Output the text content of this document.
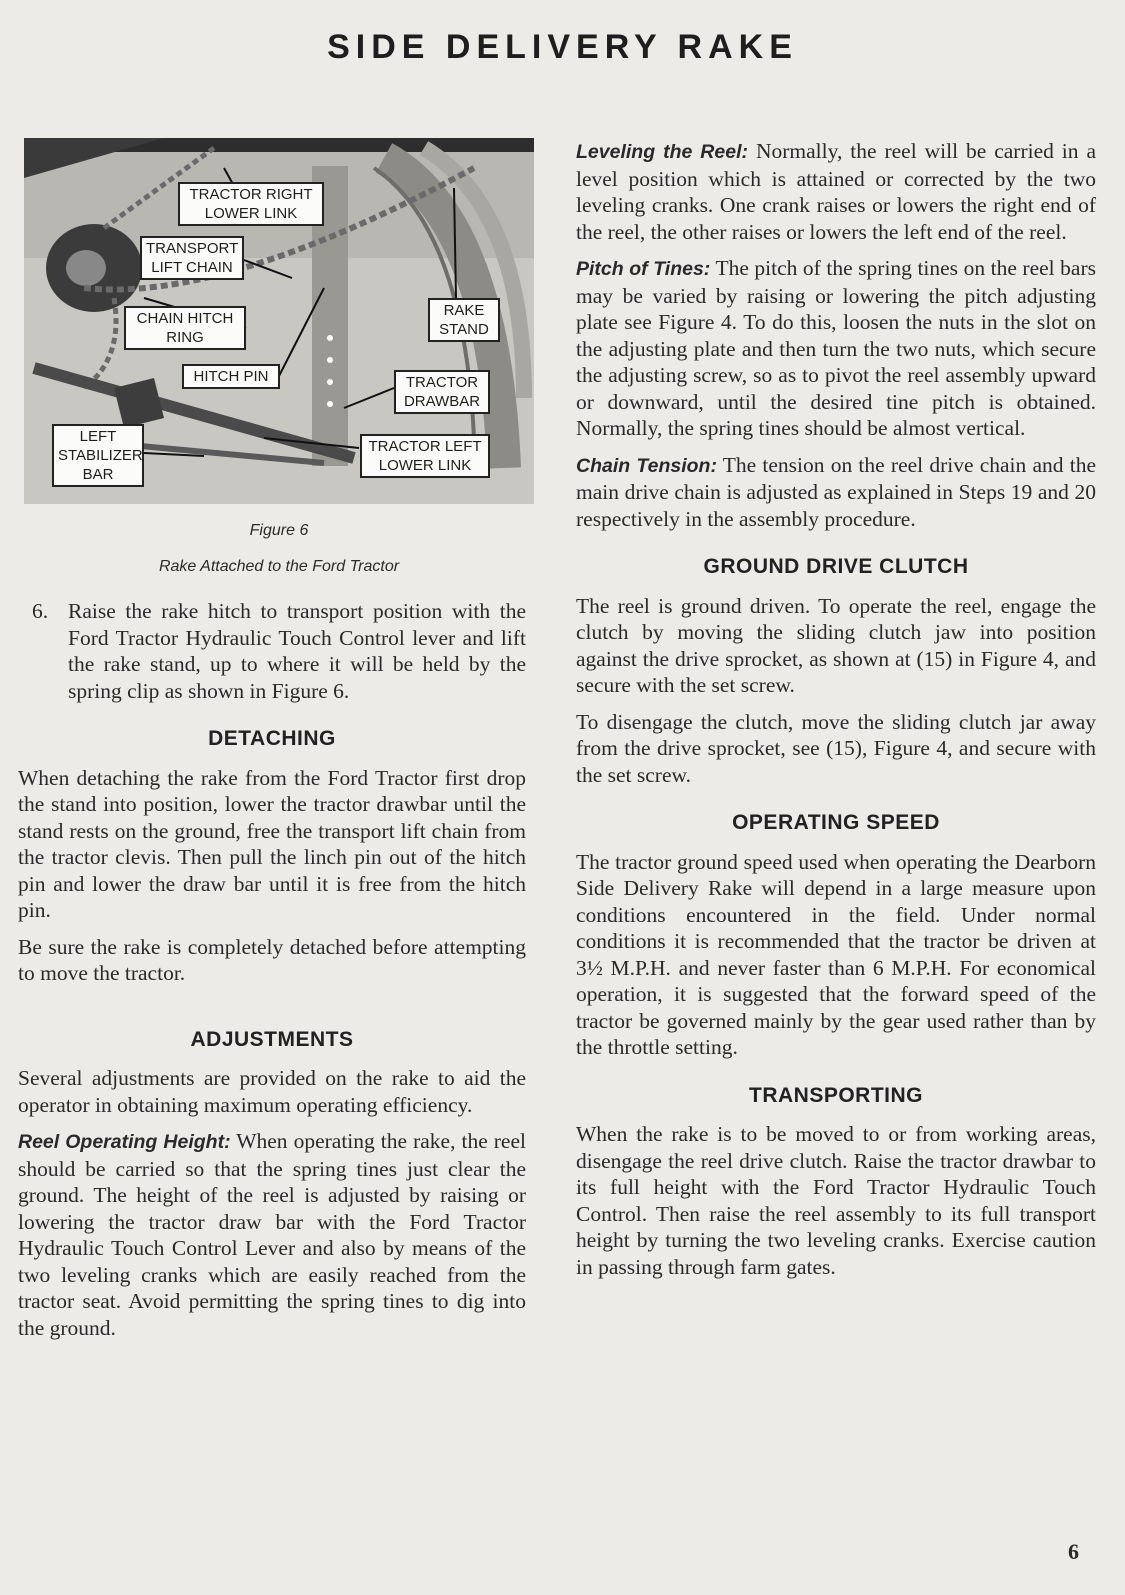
SIDE DELIVERY RAKE
TRACTOR RIGHT
LOWER LINK
TRANSPORT
LIFT CHAIN
CHAIN HITCH
RING
HITCH PIN
RAKE
STAND
TRACTOR
DRAWBAR
LEFT
STABILIZER
BAR
TRACTOR LEFT
LOWER LINK
Figure 6
Rake Attached to the Ford Tractor
6. Raise the rake hitch to transport position with the Ford Tractor Hydraulic Touch Control lever and lift the rake stand, up to where it will be held by the spring clip as shown in Figure 6.
DETACHING

When detaching the rake from the Ford Tractor first drop the stand into position, lower the tractor drawbar until the stand rests on the ground, free the transport lift chain from the tractor clevis. Then pull the linch pin out of the hitch pin and lower the draw bar until it is free from the hitch pin.

Be sure the rake is completely detached before attempting to move the tractor.

ADJUSTMENTS

Several adjustments are provided on the rake to aid the operator in obtaining maximum operating efficiency.

Reel Operating Height: When operating the rake, the reel should be carried so that the spring tines just clear the ground. The height of the reel is adjusted by raising or lowering the tractor draw bar with the Ford Tractor Hydraulic Touch Control Lever and also by means of the two leveling cranks which are easily reached from the tractor seat. Avoid permitting the spring tines to dig into the ground.

Leveling the Reel: Normally, the reel will be carried in a level position which is attained or corrected by the two leveling cranks. One crank raises or lowers the right end of the reel, the other raises or lowers the left end of the reel.

Pitch of Tines: The pitch of the spring tines on the reel bars may be varied by raising or lowering the pitch adjusting plate see Figure 4. To do this, loosen the nuts in the slot on the adjusting plate and then turn the two nuts, which secure the adjusting screw, so as to pivot the reel assembly upward or downward, until the desired tine pitch is obtained. Normally, the spring tines should be almost vertical.

Chain Tension: The tension on the reel drive chain and the main drive chain is adjusted as explained in Steps 19 and 20 respectively in the assembly procedure.

GROUND DRIVE CLUTCH

The reel is ground driven. To operate the reel, engage the clutch by moving the sliding clutch jaw into position against the drive sprocket, as shown at (15) in Figure 4, and secure with the set screw.

To disengage the clutch, move the sliding clutch jar away from the drive sprocket, see (15), Figure 4, and secure with the set screw.

OPERATING SPEED

The tractor ground speed used when operating the Dearborn Side Delivery Rake will depend in a large measure upon conditions encountered in the field. Under normal conditions it is recommended that the tractor be driven at 3½ M.P.H. and never faster than 6 M.P.H. For economical operation, it is suggested that the forward speed of the tractor be governed mainly by the gear used rather than by the throttle setting.

TRANSPORTING

When the rake is to be moved to or from working areas, disengage the reel drive clutch. Raise the tractor drawbar to its full height with the Ford Tractor Hydraulic Touch Control. Then raise the reel assembly to its full transport height by turning the two leveling cranks. Exercise caution in passing through farm gates.

6
